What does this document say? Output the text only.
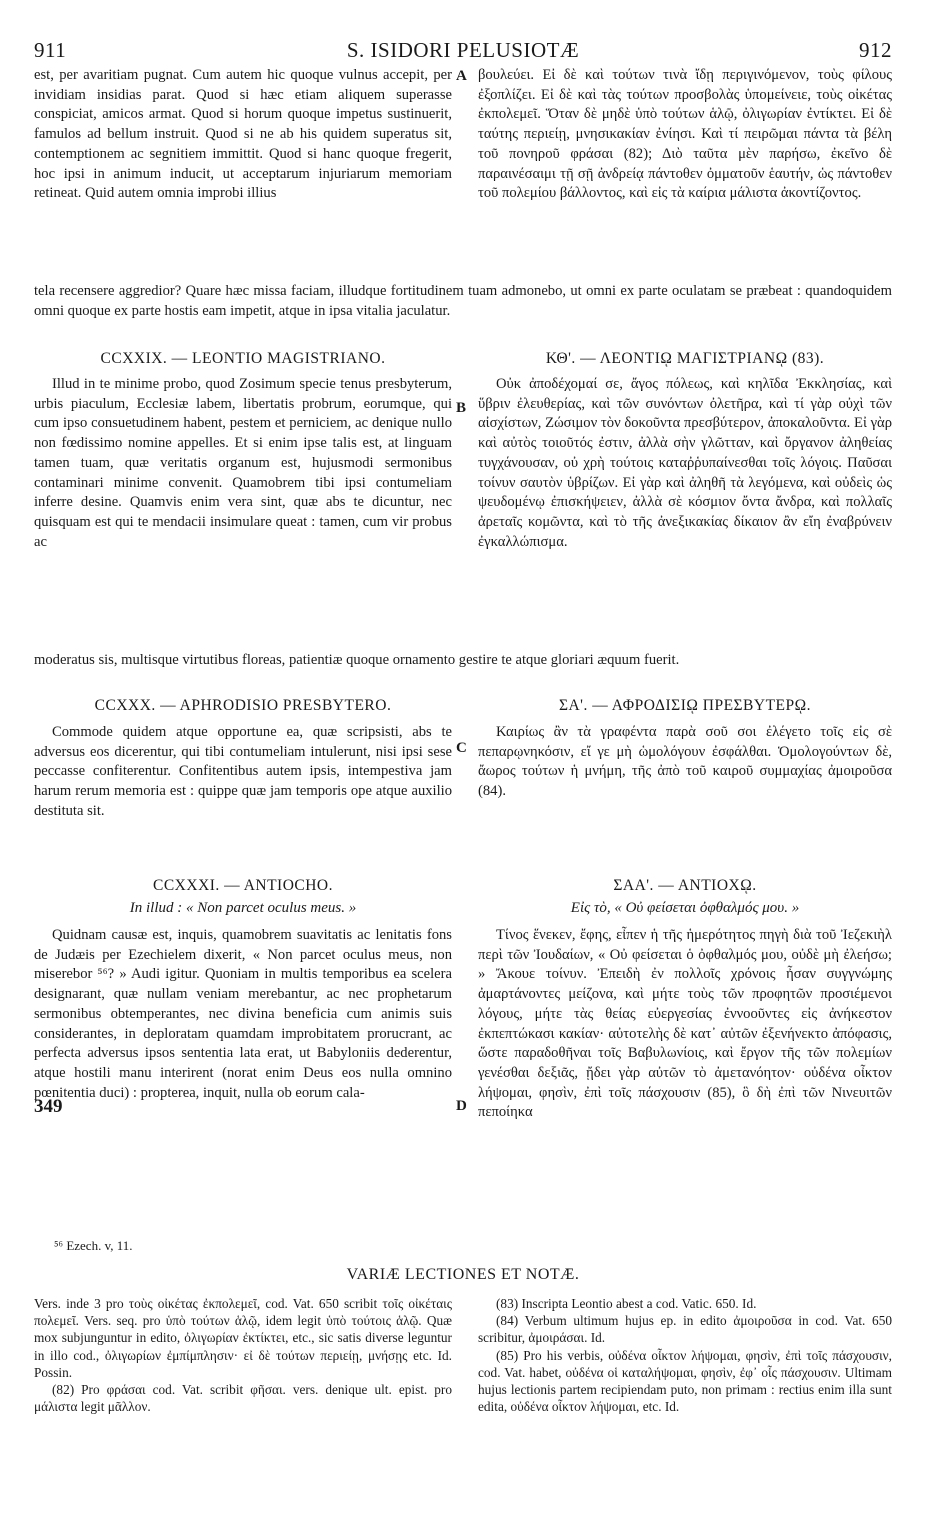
911	S. ISIDORI PELUSIOTÆ	912

est, per avaritiam pugnat. Cum autem hic quoque vulnus accepit, per invidiam insidias parat. Quod si hæc etiam aliquem superasse conspiciat, amicos armat. Quod si horum quoque impetus sustinuerit, famulos ad bellum instruit. Quod si ne ab his quidem superatus sit, contemptionem ac segnitiem immittit. Quod si hanc quoque fregerit, hoc ipsi in animum inducit, ut acceptarum injuriarum memoriam retineat. Quid autem omnia improbi illius

A βουλεύει. Εἰ δὲ καὶ τούτων τινὰ ἴδῃ περιγινόμενον, τοὺς φίλους ἐξοπλίζει. Εἰ δὲ καὶ τὰς τούτων προσβολὰς ὑπομείνειε, τοὺς οἰκέτας ἐκπολεμεῖ. Ὅταν δὲ μηδὲ ὑπὸ τούτων ἁλῷ, ὀλιγωρίαν ἐντίκτει. Εἰ δὲ ταύτης περιείῃ, μνησικακίαν ἐνίησι. Καὶ τί πειρῶμαι πάντα τὰ βέλη τοῦ πονηροῦ φράσαι (82); Διὸ ταῦτα μὲν παρήσω, ἐκεῖνο δὲ παραινέσαιμι τῇ σῇ ἀνδρείᾳ πάντοθεν ὀμματοῦν ἑαυτήν, ὡς πάντοθεν τοῦ πολεμίου βάλλοντος, καὶ εἰς τὰ καίρια μάλιστα ἀκοντίζοντος.

tela recensere aggredior? Quare hæc missa faciam, illudque fortitudinem tuam admonebo, ut omni ex parte oculatam se præbeat : quandoquidem omni quoque ex parte hostis eam impetit, atque in ipsa vitalia jaculatur.

CCXXIX. — LEONTIO MAGISTRIANO.	ΚΘ'. — ΛΕΟΝΤΙῼ ΜΑΓΙΣΤΡΙΑΝῼ (83).

Illud in te minime probo, quod Zosimum specie tenus presbyterum, urbis piaculum, Ecclesiæ labem, libertatis probrum, eorumque, qui cum ipso consuetudinem habent, pestem et perniciem, ac denique nullo non fœdissimo nomine appelles. Et si enim ipse talis est, at linguam tamen tuam, quæ veritatis organum est, hujusmodi sermonibus contaminari minime convenit. Quamobrem tibi ipsi contumeliam inferre desine. Quamvis enim vera sint, quæ abs te dicuntur, nec quisquam est qui te mendacii insimulare queat : tamen, cum vir probus ac

B

Οὐκ ἀποδέχομαί σε, ἄγος πόλεως, καὶ κηλῖδα Ἐκκλησίας, καὶ ὕβριν ἐλευθερίας, καὶ τῶν συνόντων ὀλετῆρα, καὶ τί γὰρ οὐχὶ τῶν αἰσχίστων, Ζώσιμον τὸν δοκοῦντα πρεσβύτερον, ἀποκαλοῦντα. Εἰ γὰρ καὶ αὐτὸς τοιοῦτός ἐστιν, ἀλλὰ σὴν γλῶτταν, καὶ ὄργανον ἀληθείας τυγχάνουσαν, οὐ χρὴ τούτοις καταῤῥυπαίνεσθαι τοῖς λόγοις. Παῦσαι τοίνυν σαυτὸν ὑβρίζων. Εἰ γὰρ καὶ ἀληθῆ τὰ λεγόμενα, καὶ οὐδεὶς ὡς ψευδομένῳ ἐπισκήψειεν, ἀλλὰ σὲ κόσμιον ὄντα ἄνδρα, καὶ πολλαῖς ἀρεταῖς κομῶντα, καὶ τὸ τῆς ἀνεξικακίας δίκαιον ἂν εἴη ἐναβρύνειν ἐγκαλλώπισμα.

moderatus sis, multisque virtutibus floreas, patientiæ quoque ornamento gestire te atque gloriari æquum fuerit.

CCXXX. — APHRODISIO PRESBYTERO.	ΣΑ'. — ΑΦΡΟΔΙΣΙῼ ΠΡΕΣΒΥΤΕΡῼ.

Commode quidem atque opportune ea, quæ scripsisti, abs te adversus eos dicerentur, qui tibi contumeliam intulerunt, nisi ipsi sese peccasse confiterentur. Confitentibus autem ipsis, intempestiva jam harum rerum memoria est : quippe quæ jam temporis ope atque auxilio destituta sit.

C

Καιρίως ἂν τὰ γραφέντα παρὰ σοῦ σοι ἐλέγετο τοῖς εἰς σὲ πεπαρῳνηκόσιν, εἴ γε μὴ ὡμολόγουν ἐσφάλθαι. Ὁμολογούντων δὲ, ἄωρος τούτων ἡ μνήμη, τῆς ἀπὸ τοῦ καιροῦ συμμαχίας ἀμοιροῦσα (84).

CCXXXI. — ANTIOCHO.
In illud : « Non parcet oculus meus. »
ΣΑΑ'. — ΑΝΤΙΟΧῼ.
Εἰς τὸ, « Οὐ φείσεται ὀφθαλμός μου. »

Quidnam causæ est, inquis, quamobrem suavitatis ac lenitatis fons de Judæis per Ezechielem dixerit, « Non parcet oculus meus, non miserebor ⁵⁶? » Audi igitur. Quoniam in multis temporibus ea scelera designarant, quæ nullam veniam merebantur, ac nec prophetarum sermonibus obtemperantes, nec divina beneficia cum animis suis considerantes, in deploratam quamdam improbitatem prorucrant, ac perfecta adversus ipsos sententia lata erat, ut Babyloniis dederentur, atque hostili manu interirent (norat enim Deus eos nulla omnino pœnitentia duci) : propterea, inquit, nulla ob eorum cala-

349	D

Τίνος ἕνεκεν, ἔφης, εἶπεν ἡ τῆς ἡμερότητος πηγὴ διὰ τοῦ Ἰεζεκιὴλ περὶ τῶν Ἰουδαίων, « Οὐ φείσεται ὁ ὀφθαλμός μου, οὐδὲ μὴ ἐλεήσω; » Ἄκουε τοίνυν. Ἐπειδὴ ἐν πολλοῖς χρόνοις ἦσαν συγγνώμης ἀμαρτάνοντες μείζονα, καὶ μήτε τοὺς τῶν προφητῶν προσιέμενοι λόγους, μήτε τὰς θείας εὐεργεσίας ἐννοοῦντες εἰς ἀνήκεστον ἐκπεπτώκασι κακίαν· αὐτοτελὴς δὲ κατ᾽ αὐτῶν ἐξενήνεκτο ἀπόφασις, ὥστε παραδοθῆναι τοῖς Βαβυλωνίοις, καὶ ἔργον τῆς τῶν πολεμίων γενέσθαι δεξιᾶς, ᾔδει γὰρ αὐτῶν τὸ ἀμετανόητον· οὐδένα οἶκτον λήψομαι, φησὶν, ἐπὶ τοῖς πάσχουσιν (85), ὃ δὴ ἐπὶ τῶν Νινευιτῶν πεποίηκα

⁵⁶ Ezech. v, 11.
VARIÆ LECTIONES ET NOTÆ.

Vers. inde 3 pro τοὺς οἰκέτας ἐκπολεμεῖ, cod. Vat. 650 scribit τοῖς οἰκέταις πολεμεῖ. Vers. seq. pro ὑπὸ τούτων ἁλῷ, idem legit ὑπὸ τούτοις ἁλῷ. Quæ mox subjunguntur in edito, ὀλιγωρίαν ἐκτίκτει, etc., sic satis diverse leguntur in illo cod., ὀλιγωρίων ἐμπίμπλησιν· εἰ δὲ τούτων περιείῃ, μνήσῃς etc. Id. Possin.

(82) Pro φράσαι cod. Vat. scribit φῆσαι. vers. denique ult. epist. pro μάλιστα legit μᾶλλον.

(83) Inscripta Leontio abest a cod. Vatic. 650. Id.

(84) Verbum ultimum hujus ep. in edito ἀμοιροῦσα in cod. Vat. 650 scribitur, ἀμοιράσαι. Id.

(85) Pro his verbis, οὐδένα οἶκτον λήψομαι, φησὶν, ἐπὶ τοῖς πάσχουσιν, cod. Vat. habet, οὐδένα οἱ καταλήψομαι, φησὶν, ἐφ᾽ οἷς πάσχουσιν. Ultimam hujus lectionis partem recipiendam puto, non primam : rectius enim illa sunt edita, οὐδένα οἶκτον λήψομαι, etc. Id.
